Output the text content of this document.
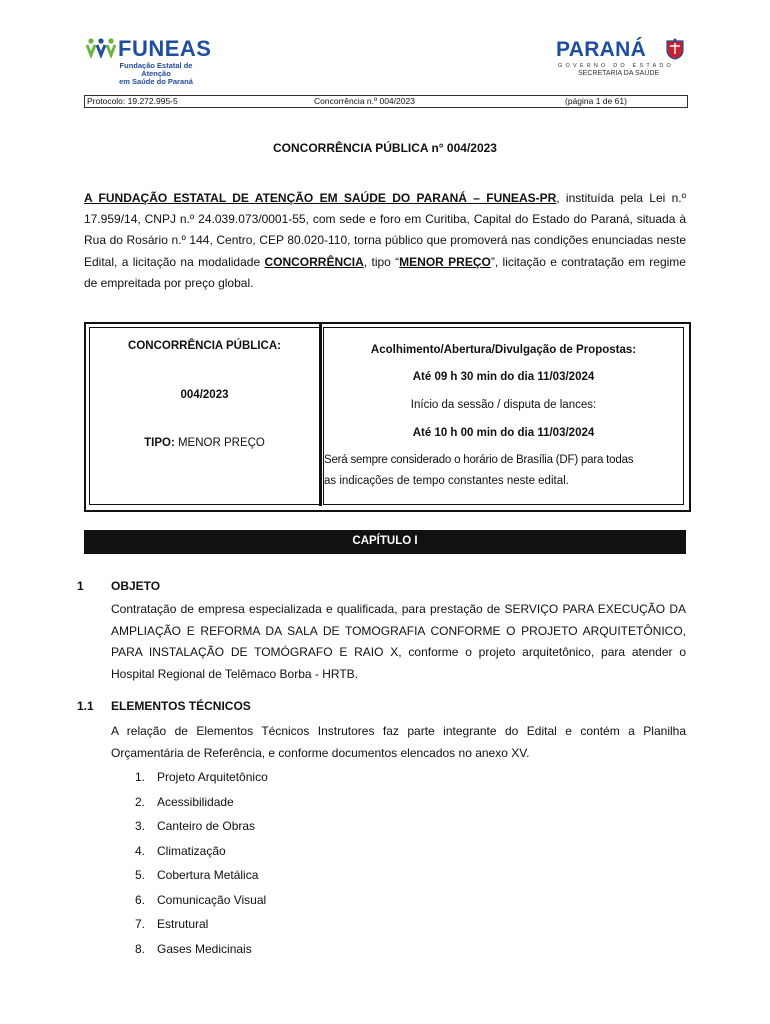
FUNEAS
Fundação Estatal de Atenção
em Saúde do Paraná
PARANÁ
GOVERNO DO ESTADO
SECRETARIA DA SAÚDE
Protocolo: 19.272.995-5	Concorrência n.º 004/2023	(página 1 de 61)
CONCORRÊNCIA PÚBLICA n° 004/2023
A FUNDAÇÃO ESTATAL DE ATENÇÃO EM SAÚDE DO PARANÁ – FUNEAS-PR, instituída pela Lei n.º 17.959/14, CNPJ n.º 24.039.073/0001-55, com sede e foro em Curitiba, Capital do Estado do Paraná, situada à Rua do Rosário n.º 144, Centro, CEP 80.020-110, torna público que promoverá nas condições enunciadas neste Edital, a licitação na modalidade CONCORRÊNCIA, tipo “MENOR PREÇO”, licitação e contratação em regime de empreitada por preço global.
CONCORRÊNCIA PÚBLICA:
004/2023
TIPO: MENOR PREÇO
Acolhimento/Abertura/Divulgação de Propostas:
Até 09 h 30 min do dia 11/03/2024
Início da sessão / disputa de lances:
Até 10 h 00 min do dia 11/03/2024
Será sempre considerado o horário de Brasília (DF) para todas
as indicações de tempo constantes neste edital.
CAPÍTULO I
1 OBJETO
Contratação de empresa especializada e qualificada, para prestação de SERVIÇO PARA EXECUÇÃO DA AMPLIAÇÃO E REFORMA DA SALA DE TOMOGRAFIA CONFORME O PROJETO ARQUITETÔNICO, PARA INSTALAÇÃO DE TOMÓGRAFO E RAIO X, conforme o projeto arquitetônico, para atender o Hospital Regional de Telêmaco Borba - HRTB.
1.1 ELEMENTOS TÉCNICOS
A relação de Elementos Técnicos Instrutores faz parte integrante do Edital e contém a Planilha Orçamentária de Referência, e conforme documentos elencados no anexo XV.
1. Projeto Arquitetônico
2. Acessibilidade
3. Canteiro de Obras
4. Climatização
5. Cobertura Metálica
6. Comunicação Visual
7. Estrutural
8. Gases Medicinais
